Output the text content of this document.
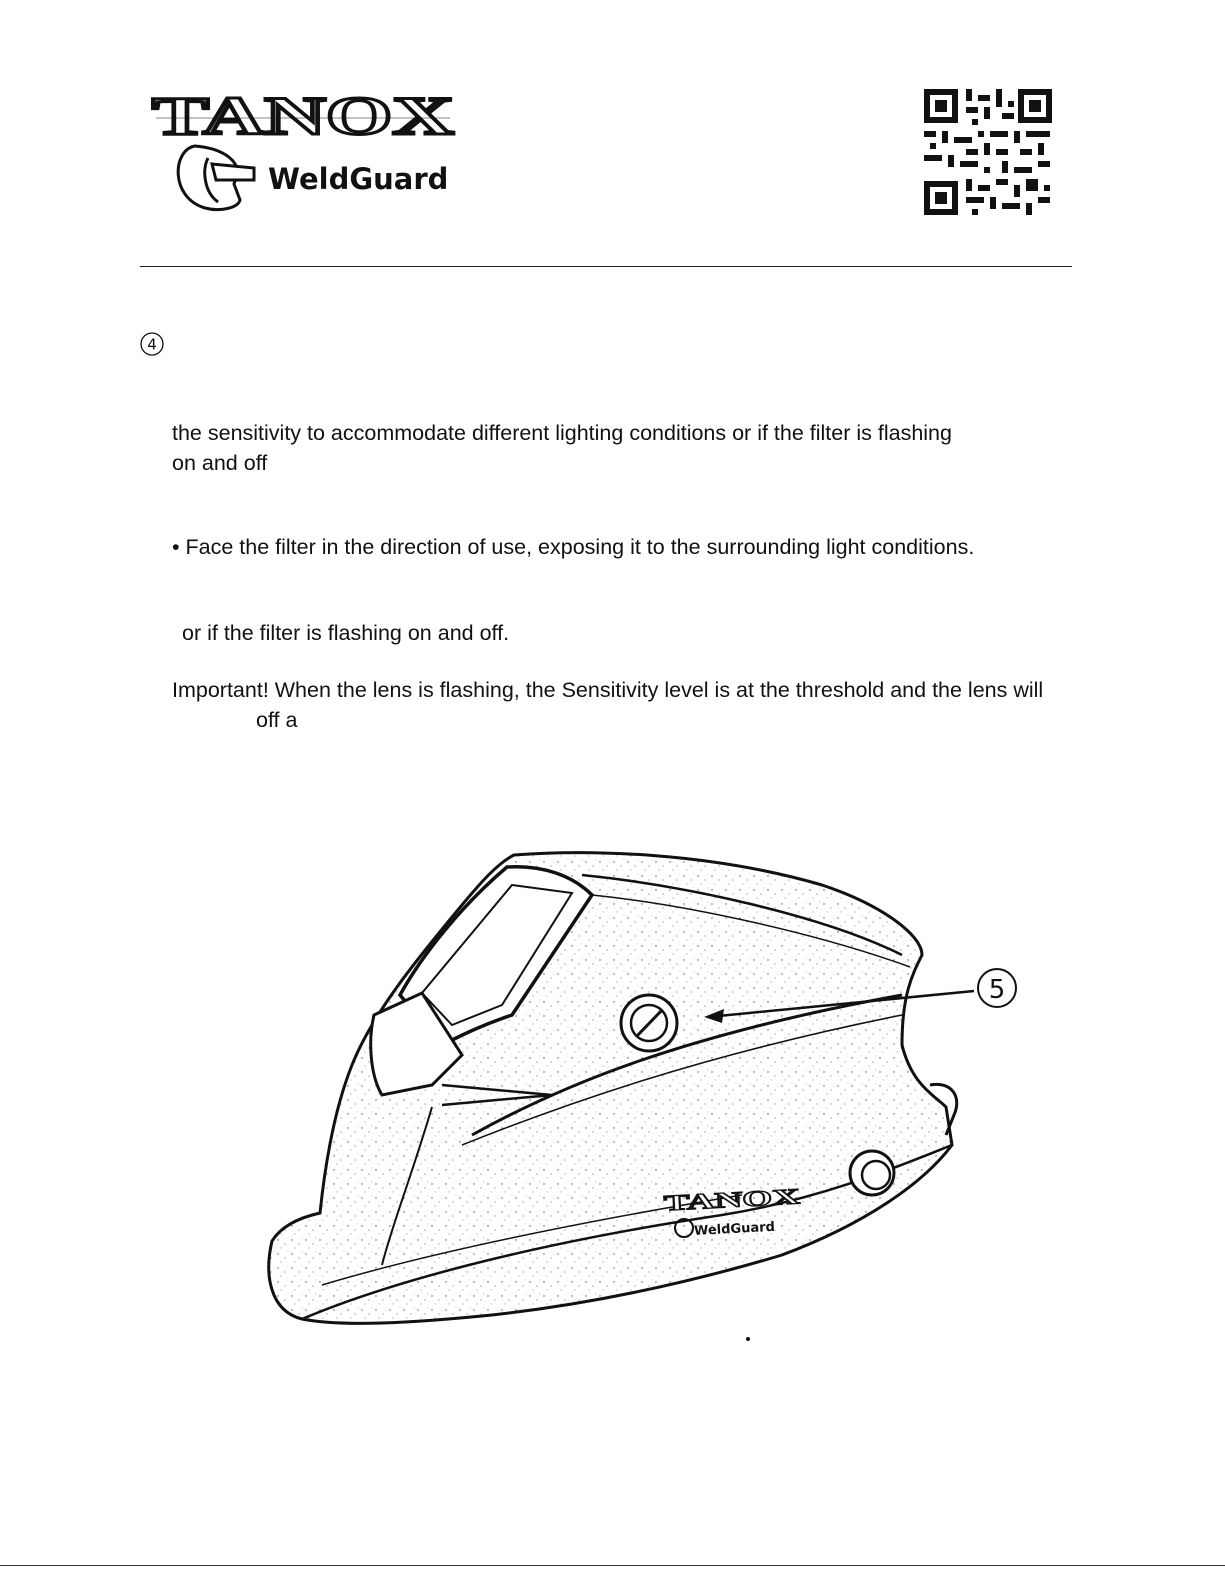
TANOX
WeldGuard
4

the sensitivity to accommodate different lighting conditions or if the filter is flashing

on and off

• Face the filter in the direction of use, exposing it to the surrounding light conditions.

or if the filter is flashing on and off.

Important! When the lens is flashing, the Sensitivity level is at the threshold and the lens will

off a

5
TANOX
WeldGuard
